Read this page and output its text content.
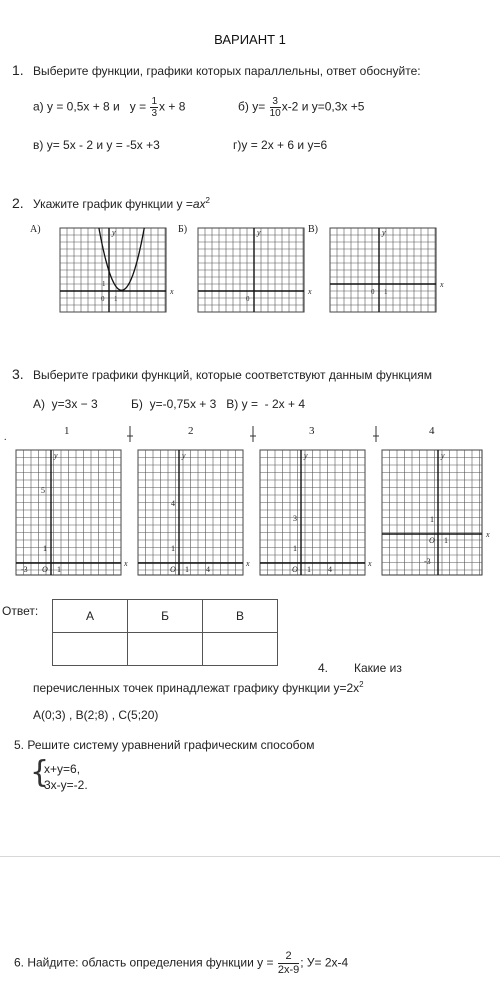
ВАРИАНТ 1
1. Выберите функции, графики которых параллельны, ответ обоснуйте:
а) y = 0,5x + 8 и $y = \frac{1}{3}$ x + 8	б) $y= \frac{3}{10} x-2$ и y=0,3x +5
в) y= 5x - 2 и y = -5x +3	г)y = 2x + 6 и y=6
2. Укажите график функции $y =ax^2$
А)	Б)	В)
y
x
0 1
1
y
x
0
y
x
0 1
3. Выберите графики функций, которые соответствуют данным функциям
А)  y=3x − 3          Б)  y=-0,75x + 3   В) y =  - 2x + 4
1	2	3	4
.
y
x
5
1
-3	1
O
y
x
4
1
1 4
O
y
x
3
1
1 4
O
y
x
1
-3
1
O
Ответ:	А	Б	В

4. Какие из
перечисленных точек принадлежат графику функции $y=2x^2$
A(0;3) , B(2;8) , C(5;20)
5. Решите систему уравнений графическим способом
{
x+y=6,
3x-y=-2.
6. Найдите: область определения функции $y = \frac{2}{2x-9}$ ; У= 2x-4
